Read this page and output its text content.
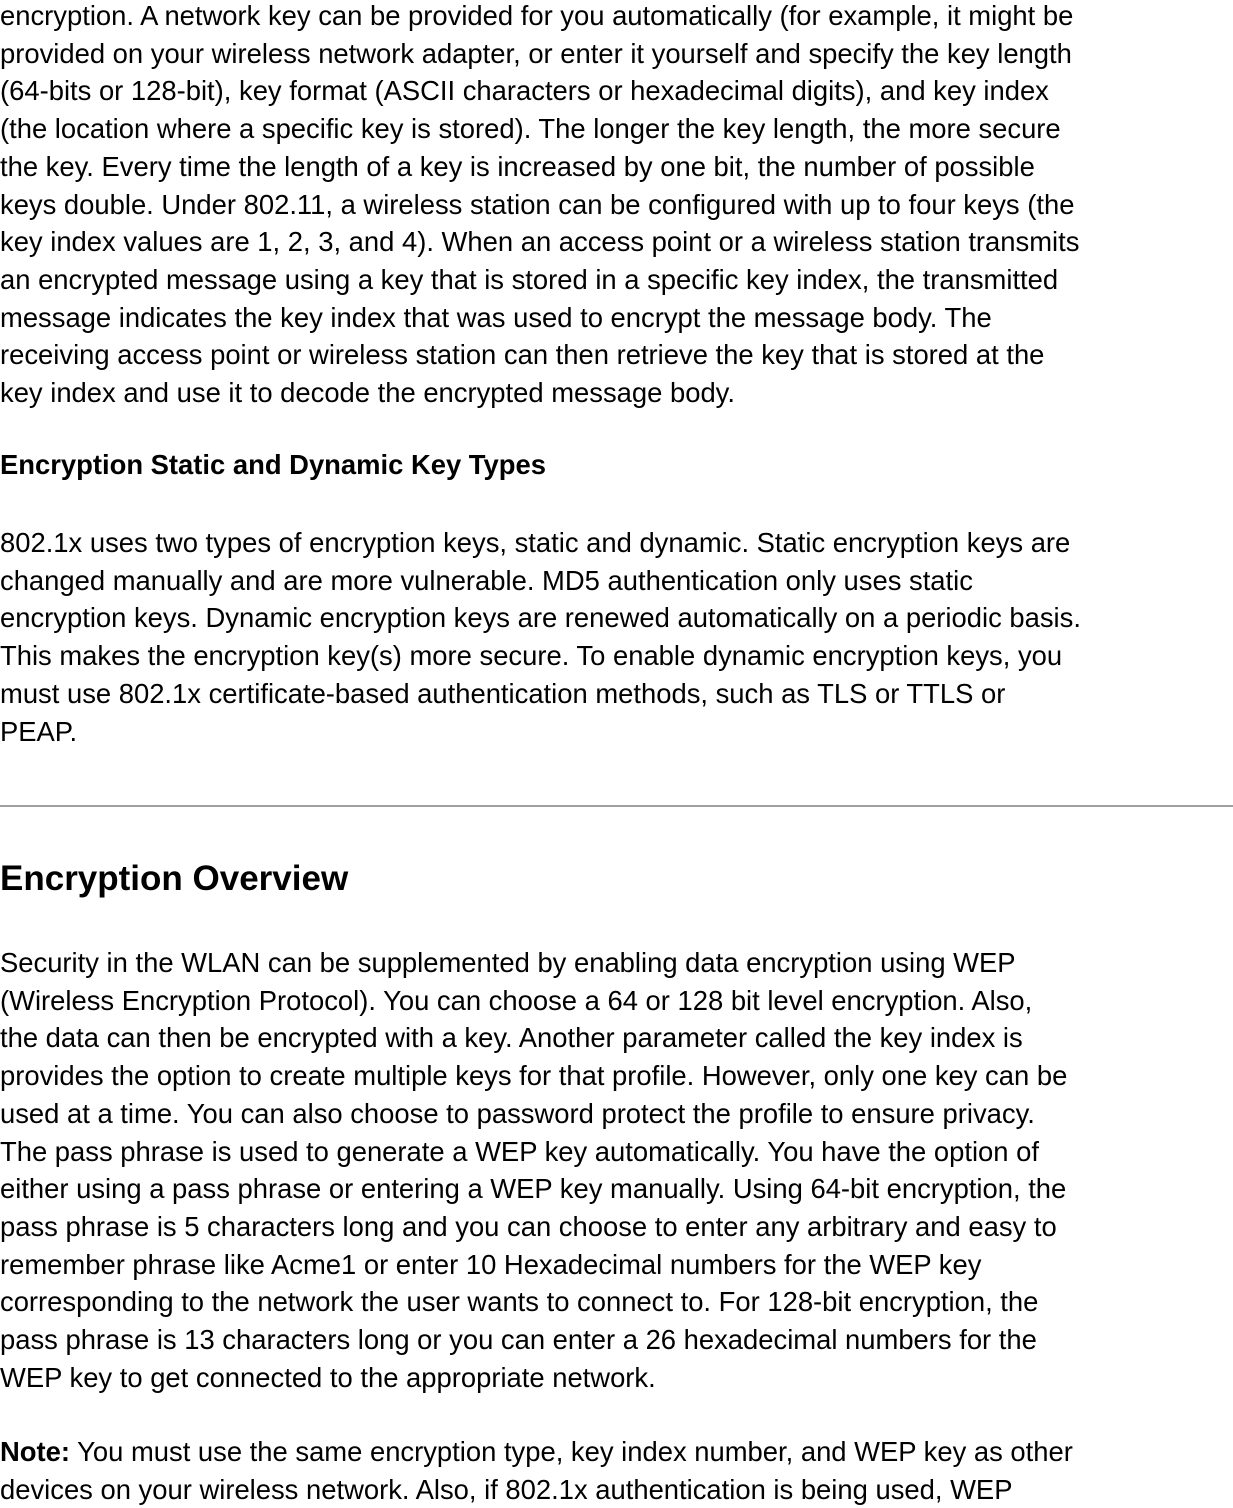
encryption. A network key can be provided for you automatically (for example, it might be
provided on your wireless network adapter, or enter it yourself and specify the key length
(64-bits or 128-bit), key format (ASCII characters or hexadecimal digits), and key index
(the location where a specific key is stored). The longer the key length, the more secure
the key. Every time the length of a key is increased by one bit, the number of possible
keys double. Under 802.11, a wireless station can be configured with up to four keys (the
key index values are 1, 2, 3, and 4). When an access point or a wireless station transmits
an encrypted message using a key that is stored in a specific key index, the transmitted
message indicates the key index that was used to encrypt the message body. The
receiving access point or wireless station can then retrieve the key that is stored at the
key index and use it to decode the encrypted message body.
Encryption Static and Dynamic Key Types
802.1x uses two types of encryption keys, static and dynamic. Static encryption keys are
changed manually and are more vulnerable. MD5 authentication only uses static
encryption keys. Dynamic encryption keys are renewed automatically on a periodic basis.
This makes the encryption key(s) more secure. To enable dynamic encryption keys, you
must use 802.1x certificate-based authentication methods, such as TLS or TTLS or
PEAP.
Encryption Overview
Security in the WLAN can be supplemented by enabling data encryption using WEP
(Wireless Encryption Protocol). You can choose a 64 or 128 bit level encryption. Also,
the data can then be encrypted with a key. Another parameter called the key index is
provides the option to create multiple keys for that profile. However, only one key can be
used at a time. You can also choose to password protect the profile to ensure privacy.
The pass phrase is used to generate a WEP key automatically. You have the option of
either using a pass phrase or entering a WEP key manually. Using 64-bit encryption, the
pass phrase is 5 characters long and you can choose to enter any arbitrary and easy to
remember phrase like Acme1 or enter 10 Hexadecimal numbers for the WEP key
corresponding to the network the user wants to connect to. For 128-bit encryption, the
pass phrase is 13 characters long or you can enter a 26 hexadecimal numbers for the
WEP key to get connected to the appropriate network.
Note: You must use the same encryption type, key index number, and WEP key as other
devices on your wireless network. Also, if 802.1x authentication is being used, WEP
